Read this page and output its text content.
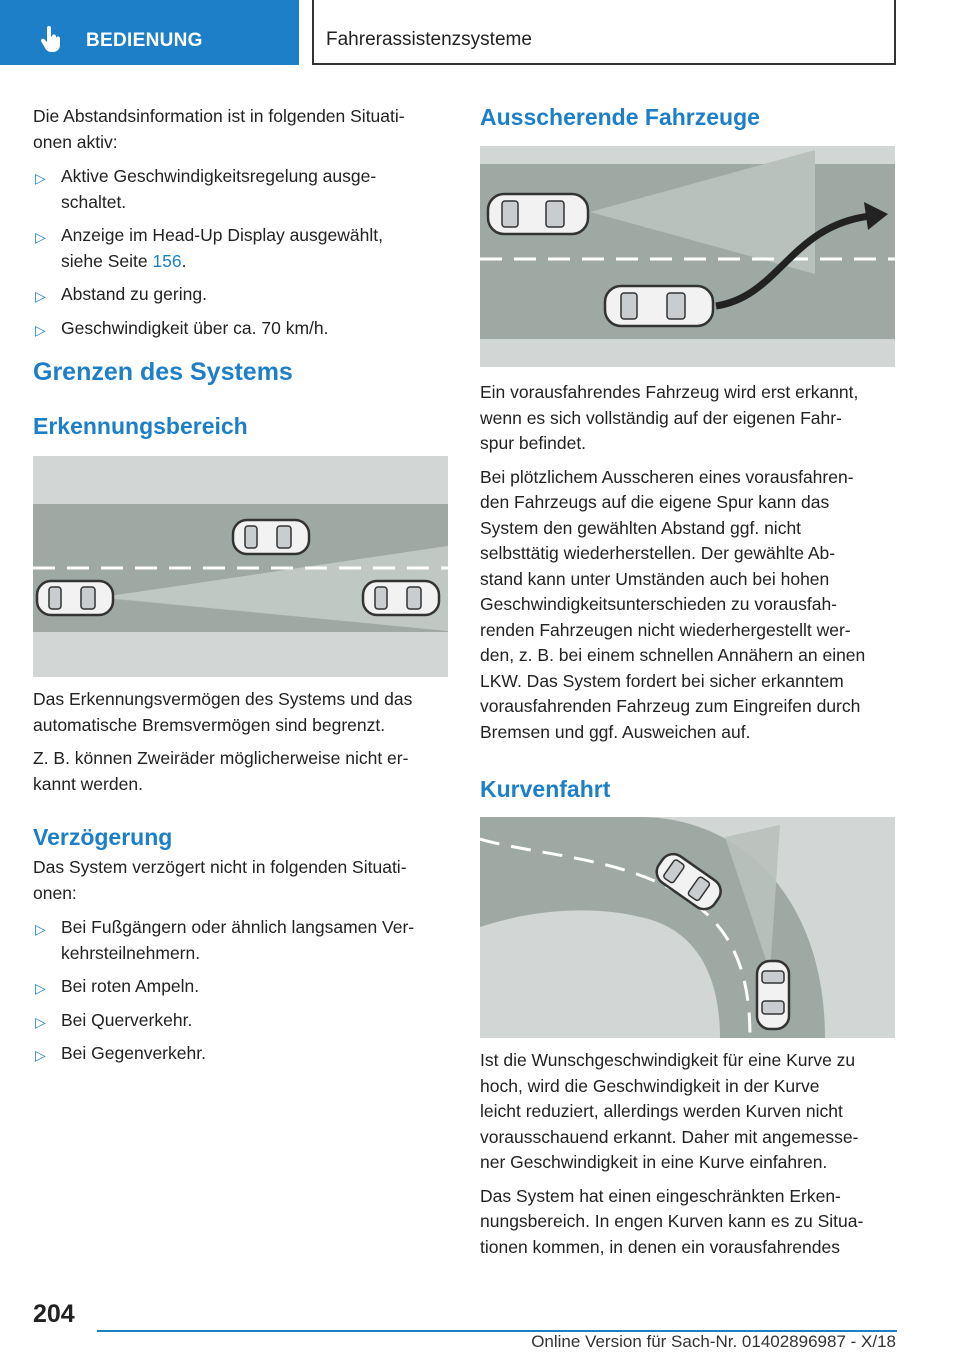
BEDIENUNG	Fahrerassistenzsysteme

Die Abstandsinformation ist in folgenden Situati-
onen aktiv:

▷ Aktive Geschwindigkeitsregelung ausge-
schaltet.
▷ Anzeige im Head-Up Display ausgewählt,
siehe Seite 156.
▷ Abstand zu gering.
▷ Geschwindigkeit über ca. 70 km/h.
Grenzen des Systems
Erkennungsbereich

Das Erkennungsvermögen des Systems und das
automatische Bremsvermögen sind begrenzt.

Z. B. können Zweiräder möglicherweise nicht er-
kannt werden.

Verzögerung

Das System verzögert nicht in folgenden Situati-
onen:

▷ Bei Fußgängern oder ähnlich langsamen Ver-
kehrsteilnehmern.
▷ Bei roten Ampeln.
▷ Bei Querverkehr.
▷ Bei Gegenverkehr.
Ausscherende Fahrzeuge

Ein vorausfahrendes Fahrzeug wird erst erkannt,
wenn es sich vollständig auf der eigenen Fahr-
spur befindet.

Bei plötzlichem Ausscheren eines vorausfahren-
den Fahrzeugs auf die eigene Spur kann das
System den gewählten Abstand ggf. nicht
selbsttätig wiederherstellen. Der gewählte Ab-
stand kann unter Umständen auch bei hohen
Geschwindigkeitsunterschieden zu vorausfah-
renden Fahrzeugen nicht wiederhergestellt wer-
den, z. B. bei einem schnellen Annähern an einen
LKW. Das System fordert bei sicher erkanntem
vorausfahrenden Fahrzeug zum Eingreifen durch
Bremsen und ggf. Ausweichen auf.

Kurvenfahrt

Ist die Wunschgeschwindigkeit für eine Kurve zu
hoch, wird die Geschwindigkeit in der Kurve
leicht reduziert, allerdings werden Kurven nicht
vorausschauend erkannt. Daher mit angemesse-
ner Geschwindigkeit in eine Kurve einfahren.

Das System hat einen eingeschränkten Erken-
nungsbereich. In engen Kurven kann es zu Situa-
tionen kommen, in denen ein vorausfahrendes

204
Online Version für Sach-Nr. 01402896987 - X/18
